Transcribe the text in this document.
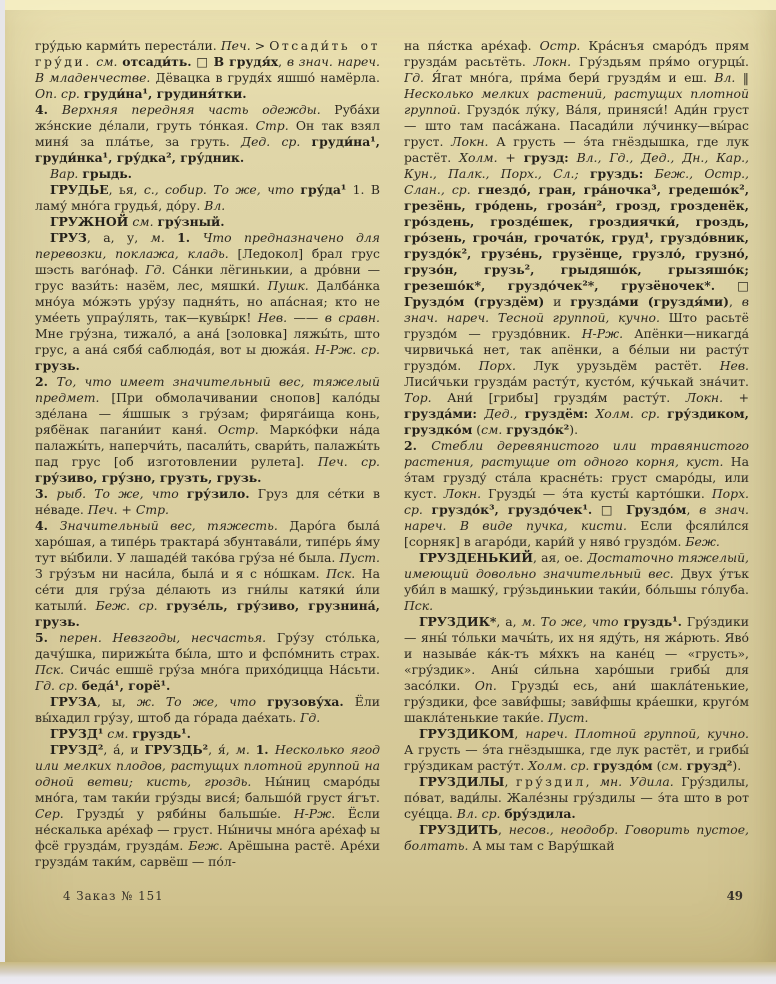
гру́дью карми́ть переста́ли. Печ. > Отсади́ть от гру́ди. см. отсади́ть. □ В грудя́х, в знач. нареч. В младенчестве. Дёвацка в грудя́х яшшо́ намёрла. Оп. ср. груди́на¹, грудиня́тки.

4. Верхняя передняя часть одежды. Руба́хи жэ́нские де́лали, груть то́нкая. Стр. Он так взял миня́ за пла́тье, за груть. Дед. ср. груди́на¹, груди́нка¹, гру́дка², гру́дник.

Вар. грыдь.

ГРУДЬЕ, ья, с., собир. То же, что гру́да¹ 1. В ламу́ мно́га грудья́, до́ру. Вл.

ГРУЖНОЙ см. гру́зный.

ГРУЗ, а, у, м. 1. Что предназначено для перевозки, поклажа, кладь. [Ледокол] брал грус шэсть ваго́наф. Гд. Са́нки лёгинькии, а дро́вни — грус вази́ть: назём, лес, мяшки́. Пушк. Далба́нка мно́уа мо́жэть уру́зу падня́ть, но апа́сная; кто не уме́еть упрау́лять, так—кувы́рк! Нев. —— в сравн. Мне гру́зна, тижало́, а ана́ [золовка] ляжы́ть, што грус, а ана́ сябя́ саблюда́я, вот ы дюжа́я. Н-Рж. ср. грузь.

2. То, что имеет значительный вес, тяжелый предмет. [При обмолачивании снопов] кало́ды зде́лана — я́шшык з гру́зам; фиряга́ища конь, рябёнак пагани́ит каня́. Остр. Марко́фки на́да палажы́ть, наперчи́ть, пасали́ть, свари́ть, палажы́ть пад грус [об изготовлении рулета]. Печ. ср. гру́зиво, гру́зно, грузть, грузь.

3. рыб. То же, что гру́зило. Груз для се́тки в не́ваде. Печ. + Стр.

4. Значительный вес, тяжесть. Даро́га была́ харо́шая, а типе́рь трактара́ збунтава́ли, типе́рь я́му тут вы́били. У лашаде́й тако́ва гру́за не́ была. Пуст. З гру́зъм ни наси́ла, была́ и я с но́шкам. Пск. На се́ти для гру́за де́лають из гни́лы катяки́ и́ли катыли́. Беж. ср. грузе́ль, гру́зиво, грузнина́, грузь.

5. перен. Невзгоды, несчастья. Гру́зу сто́лька, дачу́шка, пирижы́та бы́ла, што и фспо́мнить страх. Пск. Сича́с ешшё гру́за мно́га прихо́дицца На́сьти. Гд. ср. беда́¹, горё¹.

ГРУЗА, ы, ж. То же, что грузову́ха. Ёли вы́хадил гру́зу, штоб да го́рада дае́хать. Гд.

ГРУЗД¹ см. груздь¹.

ГРУЗД², а́, и ГРУЗДЬ², я́, м. 1. Несколько ягод или мелких плодов, растущих плотной группой на одной ветви; кисть, гроздь. Ны́ниц смаро́ды мно́га, там таки́и гру́зды вися́; бальшо́й груст я́гът. Сер. Грузды́ у ряби́ны бальшы́е. Н-Рж. Ёсли не́скалька аре́хаф — груст. Ны́ничы мно́га аре́хаф ы фсё грузда́м, грузда́м. Беж. Арёшына растё. Аре́хи грузда́м таки́м, сарвёш — по́л-

на пя́стка аре́хаф. Остр. Кра́снъя смаро́дъ прям грузда́м расьтёть. Локн. Гру́здьям пря́мо огурцы́. Гд. Я́гат мно́га, пря́ма бери́ груздя́м и еш. Вл. ‖ Несколько мелких растений, растущих плотной группой. Груздо́к лу́ку, Ва́ля, приняси́! Ади́н груст — што там паса́жана. Пасади́ли лу́чинку—вы́рас груст. Локн. А грусть — э́та гнёздышка, где лук растёт. Холм. + грузд: Вл., Гд., Дед., Дн., Кар., Кун., Палк., Порх., Сл.; груздь: Беж., Остр., Слан., ср. гнездо́, гран, гра́ночка³, гредешо́к², грезёнь, гро́день, гроза́н², грозд, грозденёк, гро́здень, грозде́шек, гроздиячки́, гроздь, гро́зень, гроча́н, грочато́к, груд¹, груздо́вник, груздо́к², грузе́нь, грузёнце, грузло́, грузно́, грузо́н, грузь², грыдяшо́к, грызяшо́к; грезешо́к*, груздо́чек²*, грузёночек*. □ Груздо́м (груздём) и грузда́ми (груздя́ми), в знач. нареч. Тесной группой, кучно. Што расьтё груздо́м — груздо́вник. Н-Рж. Апёнки—никагда́ чирвичька́ нет, так апёнки, а бе́лыи ни расту́т груздо́м. Порх. Лук урузьдём растёт. Нев. Лиси́чьки грузда́м расту́т, кусто́м, ку́чькай зна́чит. Тор. Ани́ [грибы] груздя́м расту́т. Локн. + грузда́ми: Дед., груздём: Холм. ср. гру́здиком, груздко́м (см. груздо́к²).

2. Стебли деревянистого или травянистого растения, растущие от одного корня, куст. На э́там грузду́ ста́ла красне́ть: груст смаро́ды, или куст. Локн. Грузды́ — э́та кусты́ карто́шки. Порх. ср. груздо́к³, груздо́чек¹. □ Груздо́м, в знач. нареч. В виде пучка, кисти. Если фсяли́лся [сорняк] в агаро́ди, кари́й у няво́ груздо́м. Беж.

ГРУЗДЕНЬКИЙ, ая, ое. Достаточно тяжелый, имеющий довольно значительный вес. Двух у́тък уби́л в машку́, гру́зьдинькии таки́и, бо́льшы го́луба. Пск.

ГРУЗДИК*, а, м. То же, что груздь¹. Гру́здики — яны́ то́льки мачы́ть, их ня яду́ть, ня жа́рють. Яво́ и называ́е ка́к-тъ мя́хкъ на кане́ц — «грусть», «гру́здик». Аны́ си́льна харо́шыи грибы́ для засо́лки. Оп. Грузды́ есь, ани́ шакла́тенькие, гру́здики, фсе зави́фшы; зави́фшы кра́ешки, круго́м шакла́тенькие таки́е. Пуст.

ГРУЗДИКОМ, нареч. Плотной группой, кучно. А грусть — э́та гнёздышка, где лук растёт, и грибы́ гру́здикам расту́т. Холм. ср. груздо́м (см. грузд²).

ГРУЗДИЛЫ, гру́здил, мн. Удила. Гру́здилы, по́ват, вади́лы. Жале́зны гру́здилы — э́та што в рот суе́цца. Вл. ср. бру́здила.

ГРУЗДИТЬ, несов., неодобр. Говорить пустое, болтать. А мы там с Вару́шкай

4 Заказ № 151	49
